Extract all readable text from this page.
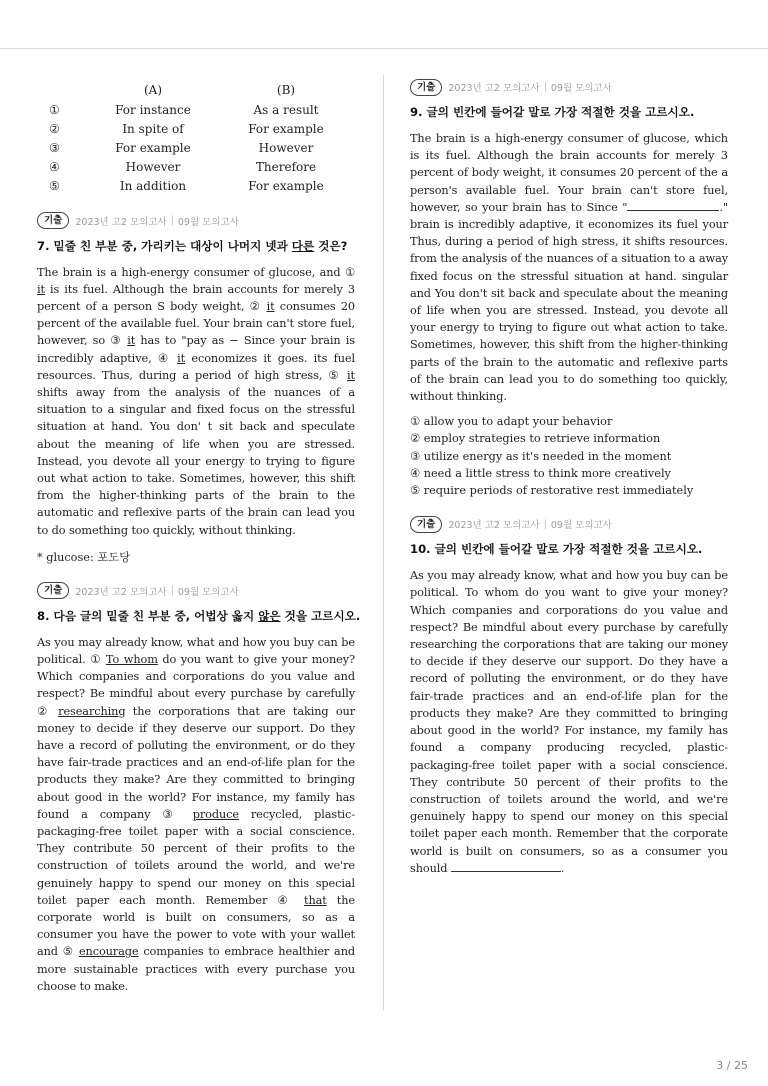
	(A)	(B)
①	For instance	As a result
②	In spite of	For example
③	For example	However
④	However	Therefore
⑤	In addition	For example
기출	2023년 고2 모의고사 | 09월 모의고사
7. 밑줄 친 부분 중, 가리키는 대상이 나머지 넷과 다른 것은?

The brain is a high-energy consumer of glucose, and ① it is its fuel. Although the brain accounts for merely 3 percent of a person S body weight, ② it consumes 20 percent of the available fuel. Your brain can't store fuel, however, so ③ it has to "pay as − Since your brain is incredibly adaptive, ④ it economizes it goes. its fuel resources. Thus, during a period of high stress, ⑤ it shifts away from the analysis of the nuances of a situation to a singular and fixed focus on the stressful situation at hand. You don' t sit back and speculate about the meaning of life when you are stressed. Instead, you devote all your energy to trying to figure out what action to take. Sometimes, however, this shift from the higher-thinking parts of the brain to the automatic and reflexive parts of the brain can lead you to do something too quickly, without thinking.

* glucose: 포도당
기출	2023년 고2 모의고사 | 09월 모의고사
8. 다음 글의 밑줄 친 부분 중, 어법상 옳지 않은 것을 고르시오.

As you may already know, what and how you buy can be political. ① To whom do you want to give your money? Which companies and corporations do you value and respect? Be mindful about every purchase by carefully ② researching the corporations that are taking our money to decide if they deserve our support. Do they have a record of polluting the environment, or do they have fair-trade practices and an end-of-life plan for the products they make? Are they committed to bringing about good in the world? For instance, my family has found a company ③ produce recycled, plastic-packaging-free toilet paper with a social conscience. They contribute 50 percent of their profits to the construction of toilets around the world, and we're genuinely happy to spend our money on this special toilet paper each month. Remember ④ that the corporate world is built on consumers, so as a consumer you have the power to vote with your wallet and ⑤ encourage companies to embrace healthier and more sustainable practices with every purchase you choose to make.

기출	2023년 고2 모의고사 | 09월 모의고사
9. 글의 빈칸에 들어갈 말로 가장 적절한 것을 고르시오.

The brain is a high-energy consumer of glucose, which is its fuel. Although the brain accounts for merely 3 percent of body weight, it consumes 20 percent of the a person's available fuel. Your brain can't store fuel, however, so your brain has to Since "	." brain is incredibly adaptive, it economizes its fuel your Thus, during a period of high stress, it shifts resources. from the analysis of the nuances of a situation to a away fixed focus on the stressful situation at hand. singular and You don't sit back and speculate about the meaning of life when you are stressed. Instead, you devote all your energy to trying to figure out what action to take. Sometimes, however, this shift from the higher-thinking parts of the brain to the automatic and reflexive parts of the brain can lead you to do something too quickly, without thinking.

① allow you to adapt your behavior
② employ strategies to retrieve information
③ utilize energy as it's needed in the moment
④ need a little stress to think more creatively
⑤ require periods of restorative rest immediately
기출	2023년 고2 모의고사 | 09월 모의고사
10. 글의 빈칸에 들어갈 말로 가장 적절한 것을 고르시오.

As you may already know, what and how you buy can be political. To whom do you want to give your money? Which companies and corporations do you value and respect? Be mindful about every purchase by carefully researching the corporations that are taking our money to decide if they deserve our support. Do they have a record of polluting the environment, or do they have fair-trade practices and an end-of-life plan for the products they make? Are they committed to bringing about good in the world? For instance, my family has found a company producing recycled, plastic-packaging-free toilet paper with a social conscience. They contribute 50 percent of their profits to the construction of toilets around the world, and we're genuinely happy to spend our money on this special toilet paper each month. Remember that the corporate world is built on consumers, so as a consumer you should	.

3 / 25
